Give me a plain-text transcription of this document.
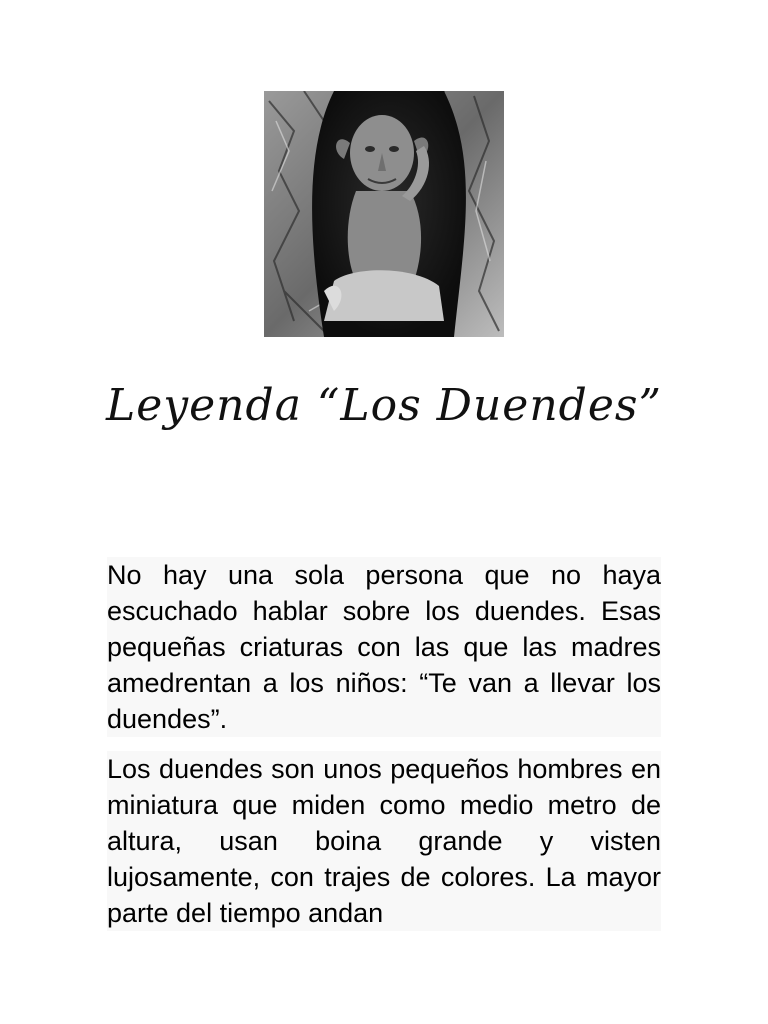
Leyenda “Los Duendes”

No hay una sola persona que no haya escuchado hablar sobre los duendes. Esas pequeñas criaturas con las que las madres amedrentan a los niños: “Te van a llevar los duendes”.

Los duendes son unos pequeños hombres en miniatura que miden como medio metro de altura, usan boina grande y visten lujosamente, con trajes de colores. La mayor parte del tiempo andan
